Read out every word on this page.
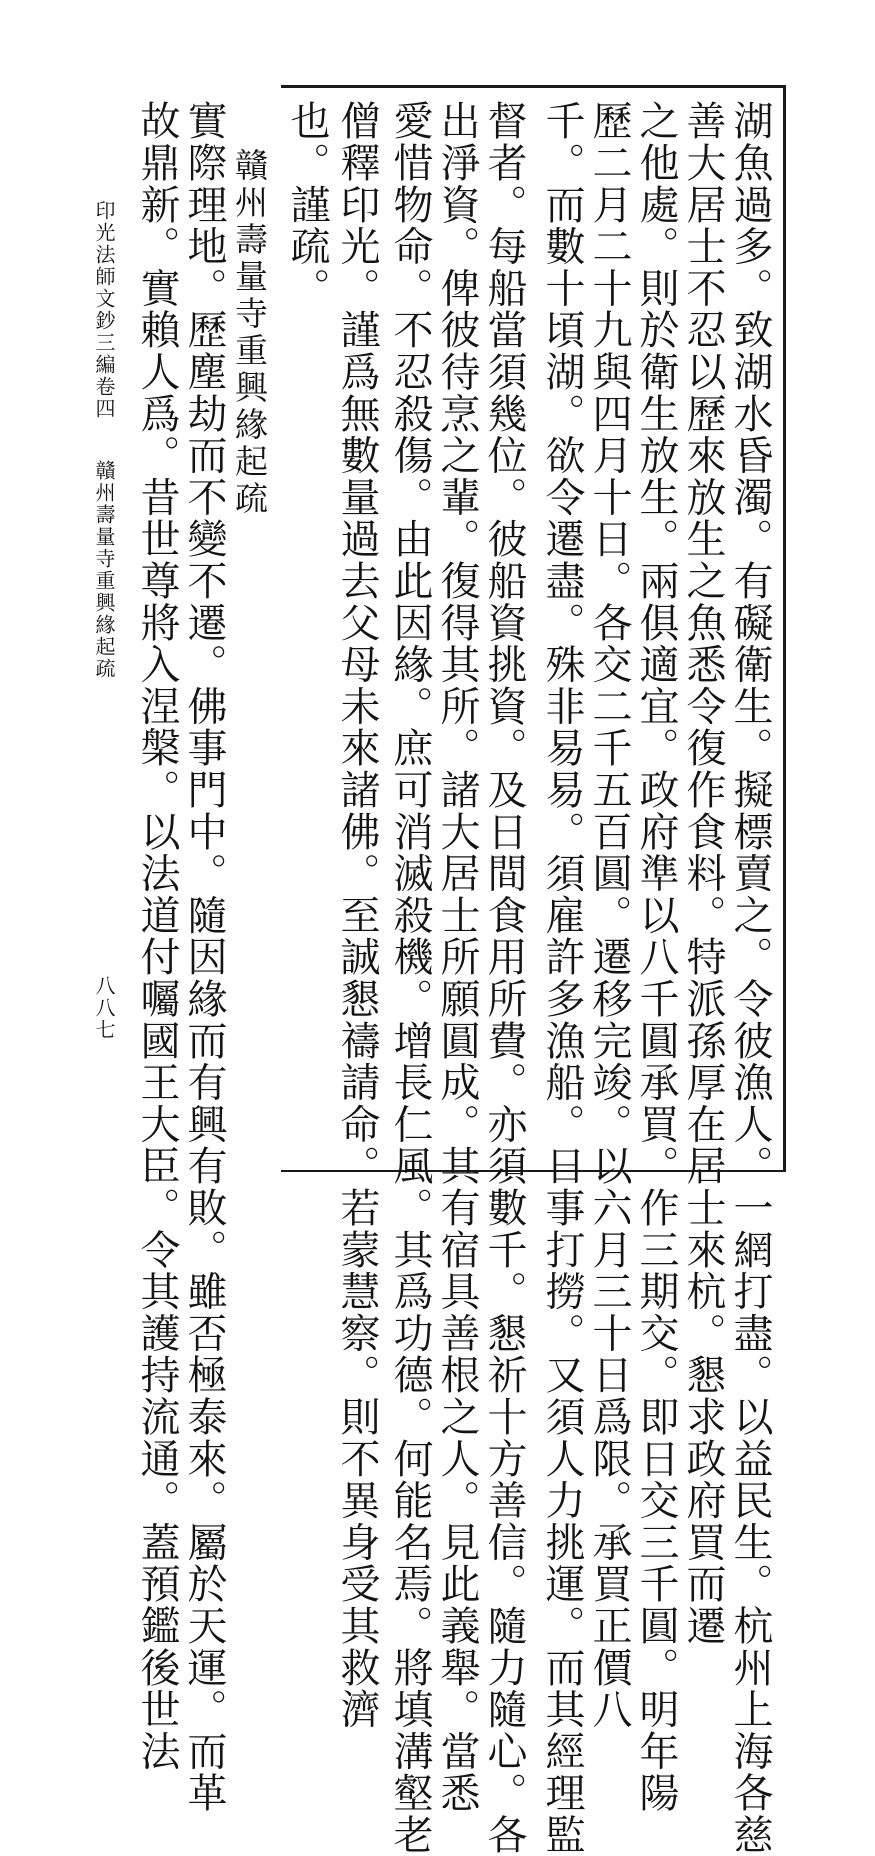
湖魚過多。致湖水昏濁。有礙衛生。擬標賣之。令彼漁人。一網打盡。以益民生。杭州上海各慈
善大居士不忍以歷來放生之魚悉令復作食料。特派孫厚在居士來杭。懇求政府買而遷
之他處。則於衛生放生。兩俱適宜。政府準以八千圓承買。作三期交。即日交三千圓。明年陽
歷二月二十九與四月十日。各交二千五百圓。遷移完竣。以六月三十日爲限。承買正價八
千。而數十頃湖。欲令遷盡。殊非易易。須雇許多漁船。日事打撈。又須人力挑運。而其經理監
督者。每船當須幾位。彼船資挑資。及日間食用所費。亦須數千。懇祈十方善信。隨力隨心。各
出淨資。俾彼待烹之輩。復得其所。諸大居士所願圓成。其有宿具善根之人。見此義舉。當悉
愛惜物命。不忍殺傷。由此因緣。庶可消滅殺機。增長仁風。其爲功德。何能名焉。將填溝壑老
僧釋印光。謹爲無數量過去父母未來諸佛。至誠懇禱請命。若蒙慧察。則不異身受其救濟
也。謹疏。
贛州壽量寺重興緣起疏
實際理地。歷塵劫而不變不遷。佛事門中。隨因緣而有興有敗。雖否極泰來。屬於天運。而革
故鼎新。實賴人爲。昔世尊將入涅槃。以法道付囑國王大臣。令其護持流通。蓋預鑑後世法
印光法師文鈔三編卷四
贛州壽量寺重興緣起疏
八八七
